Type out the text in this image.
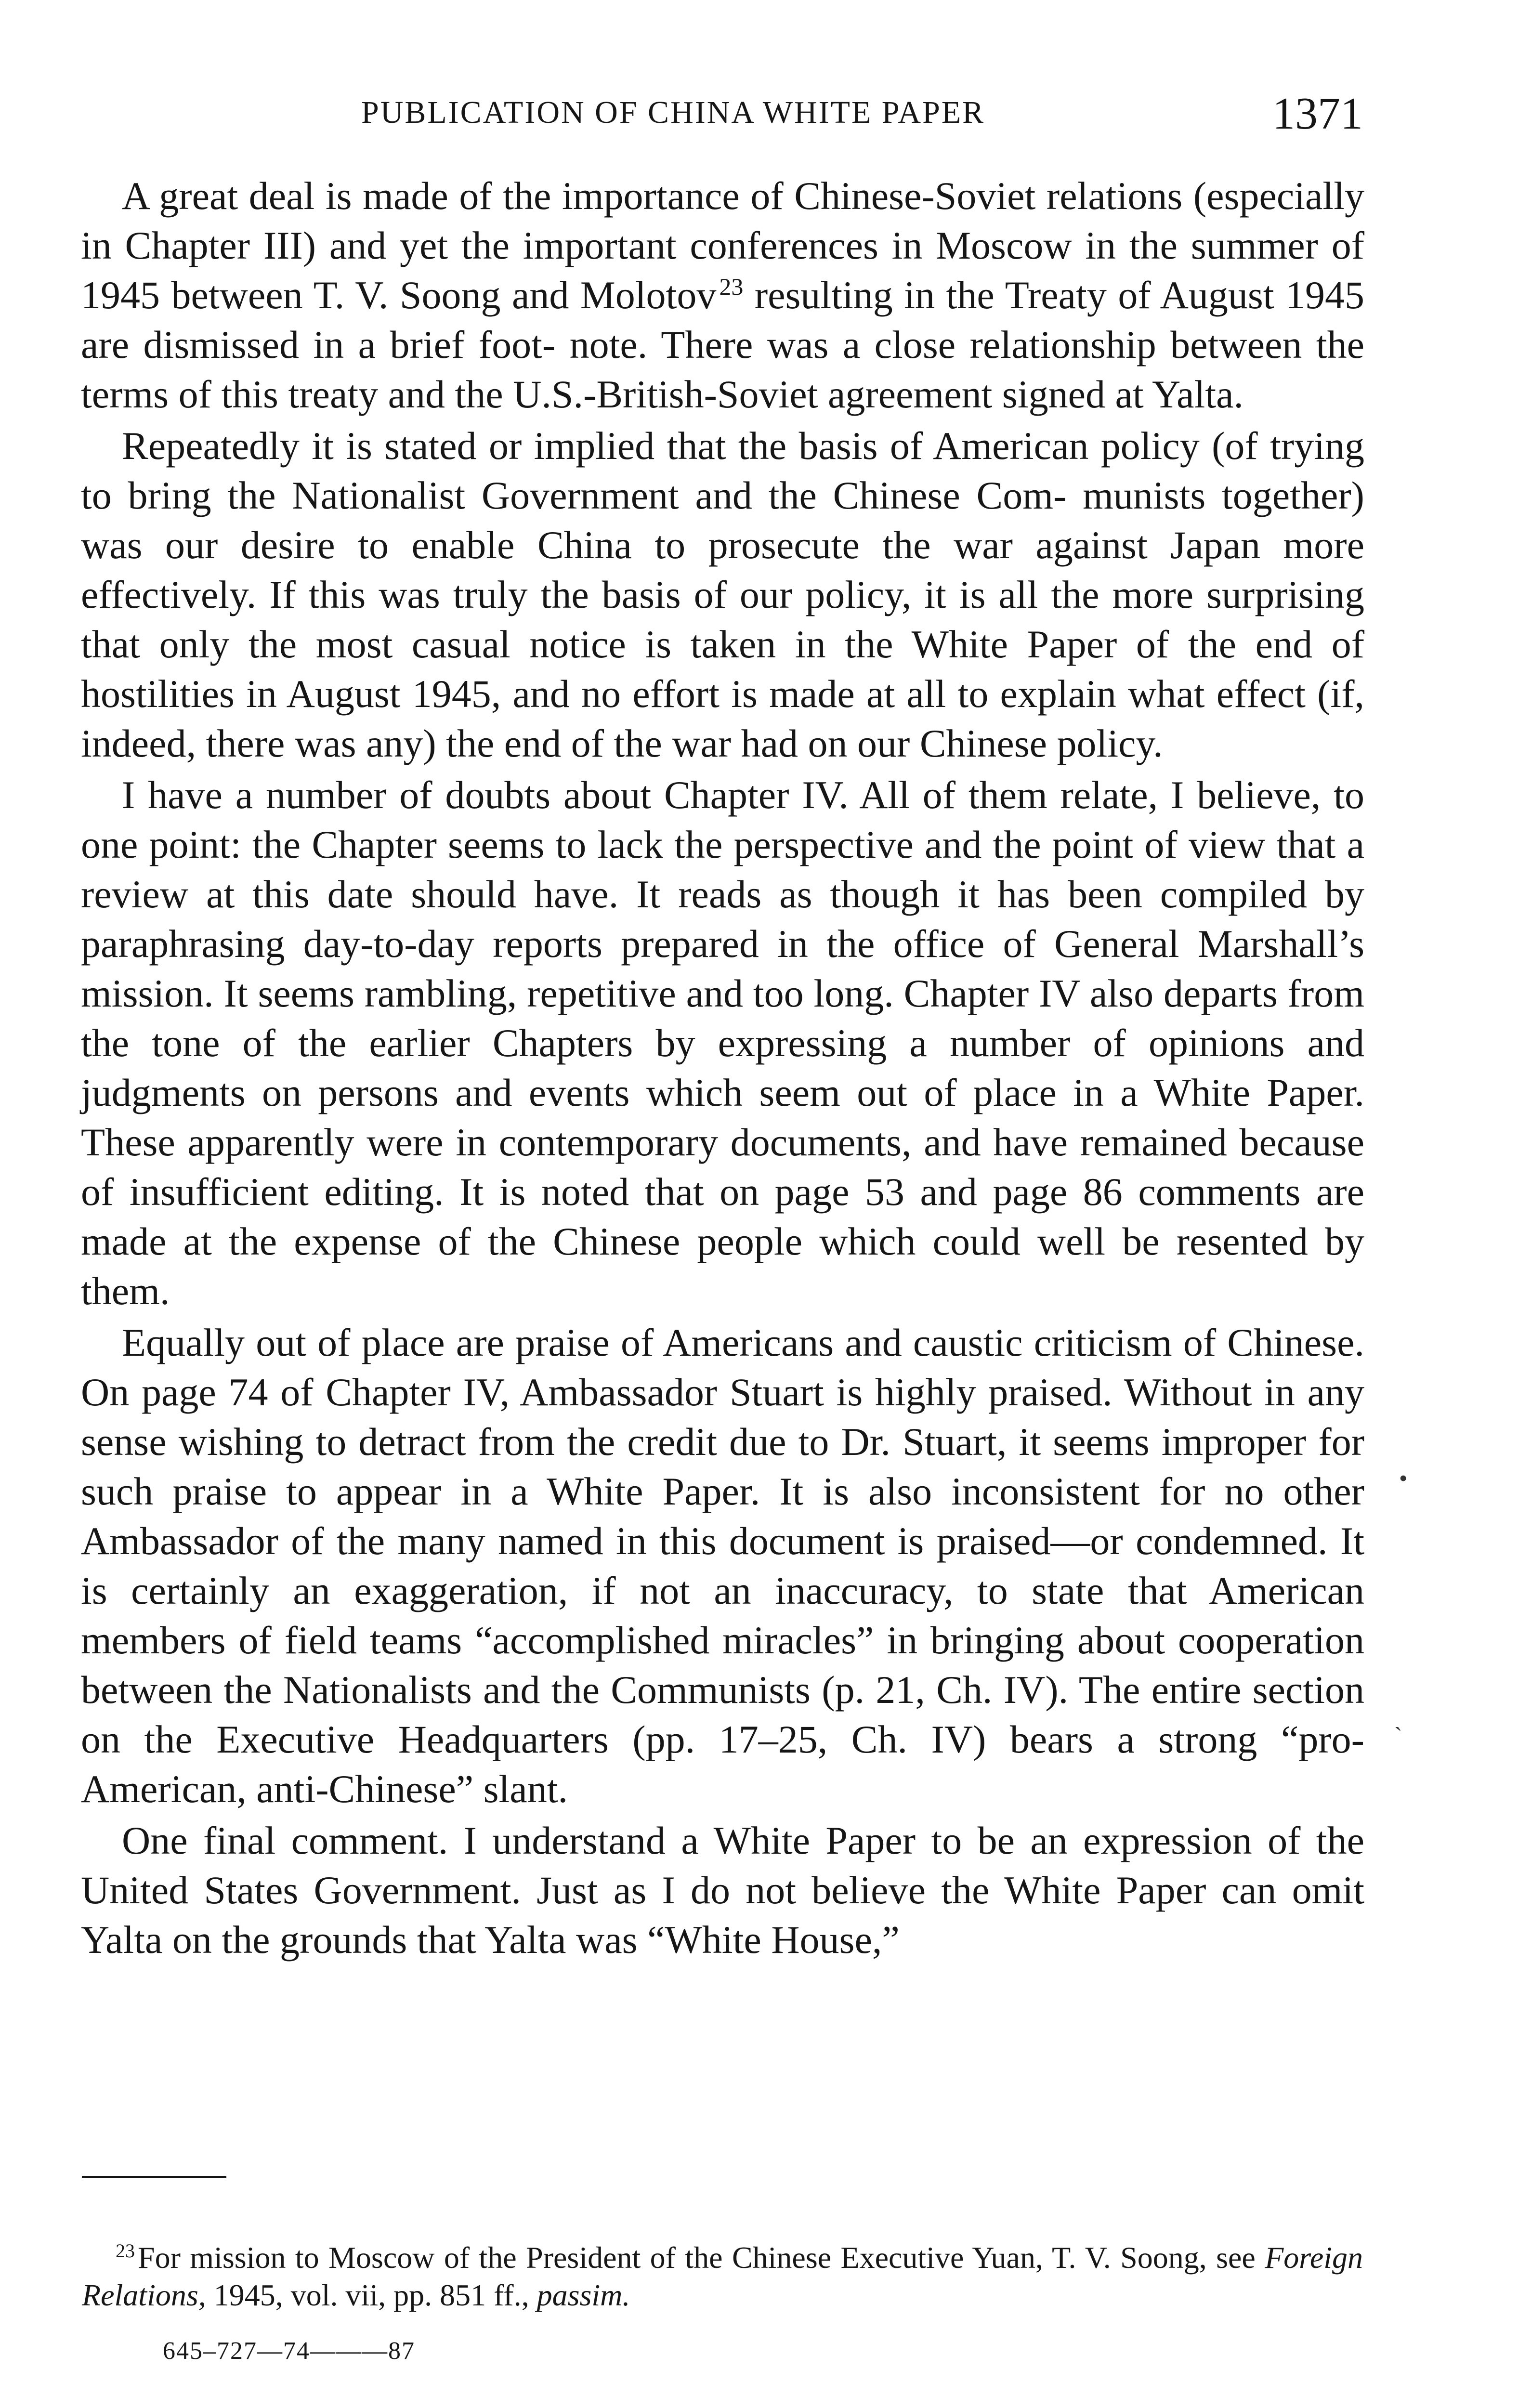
PUBLICATION OF CHINA WHITE PAPER	1371

A great deal is made of the importance of Chinese-Soviet relations (especially in Chapter III) and yet the important conferences in Moscow in the summer of 1945 between T. V. Soong and Molotov $^{23}$ resulting in the Treaty of August 1945 are dismissed in a brief foot- note. There was a close relationship between the terms of this treaty and the U.S.-British-Soviet agreement signed at Yalta.

Repeatedly it is stated or implied that the basis of American policy (of trying to bring the Nationalist Government and the Chinese Com- munists together) was our desire to enable China to prosecute the war against Japan more effectively. If this was truly the basis of our policy, it is all the more surprising that only the most casual notice is taken in the White Paper of the end of hostilities in August 1945, and no effort is made at all to explain what effect (if, indeed, there was any) the end of the war had on our Chinese policy.

I have a number of doubts about Chapter IV. All of them relate, I believe, to one point: the Chapter seems to lack the perspective and the point of view that a review at this date should have. It reads as though it has been compiled by paraphrasing day-to-day reports prepared in the office of General Marshall’s mission. It seems rambling, repetitive and too long. Chapter IV also departs from the tone of the earlier Chapters by expressing a number of opinions and judgments on persons and events which seem out of place in a White Paper. These apparently were in contemporary documents, and have remained because of insufficient editing. It is noted that on page 53 and page 86 comments are made at the expense of the Chinese people which could well be resented by them.

Equally out of place are praise of Americans and caustic criticism of Chinese. On page 74 of Chapter IV, Ambassador Stuart is highly praised. Without in any sense wishing to detract from the credit due to Dr. Stuart, it seems improper for such praise to appear in a White Paper. It is also inconsistent for no other Ambassador of the many named in this document is praised—or condemned. It is certainly an exaggeration, if not an inaccuracy, to state that American members of field teams “accomplished miracles” in bringing about cooperation between the Nationalists and the Communists (p. 21, Ch. IV). The entire section on the Executive Headquarters (pp. 17–25, Ch. IV) bears a strong “pro-American, anti-Chinese” slant.

One final comment. I understand a White Paper to be an expression of the United States Government. Just as I do not believe the White Paper can omit Yalta on the grounds that Yalta was “White House,”

•
ˋ

$^{23}$For mission to Moscow of the President of the Chinese Executive Yuan, T. V. Soong, see Foreign Relations, 1945, vol. vii, pp. 851 ff., passim.

645–727—74———87
